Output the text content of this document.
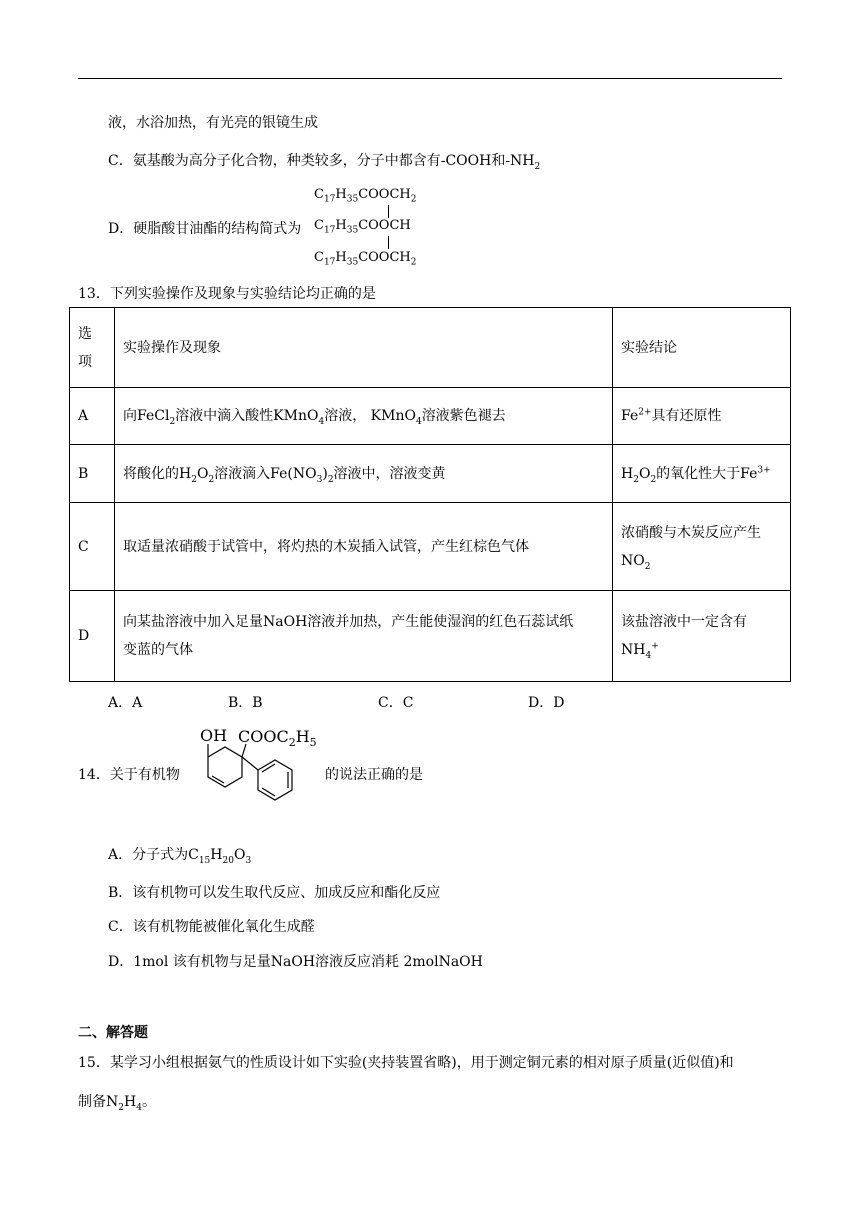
液，水浴加热，有光亮的银镜生成
C．氨基酸为高分子化合物，种类较多，分子中都含有-COOH和$-NH_2$
D．硬脂酸甘油酯的结构简式为
$C_{17}H_{35}COOCH_2$
$C_{17}H_{35}COOCH$
$C_{17}H_{35}COOCH_2$
13．下列实验操作及现象与实验结论均正确的是
选
项	实验操作及现象	实验结论
A	向FeCl$_2$溶液中滴入酸性KMnO$_4$溶液， KMnO$_4$溶液紫色褪去	$Fe^{2+}$具有还原性
B	将酸化的$H_2O_2$溶液滴入$Fe(NO_3)_2$溶液中，溶液变黄	$H_2O_2$的氧化性大于$Fe^{3+}$
C	取适量浓硝酸于试管中，将灼热的木炭插入试管，产生红棕色气体	浓硝酸与木炭反应产生
$NO_2$
D	向某盐溶液中加入足量NaOH溶液并加热，产生能使湿润的红色石蕊试纸
变蓝的气体	该盐溶液中一定含有
$NH_4^+$
A．A	B．B	C．C	D．D
14．关于有机物
OH $COOC_2H_5$
的说法正确的是
A．分子式为$C_{15}H_{20}O_3$
B．该有机物可以发生取代反应、加成反应和酯化反应
C．该有机物能被催化氧化生成醛
D．1mol 该有机物与足量NaOH溶液反应消耗 2molNaOH
二、解答题
15．某学习小组根据氨气的性质设计如下实验(夹持装置省略)，用于测定铜元素的相对原子质量(近似值)和
制备$N_2H_4$。
